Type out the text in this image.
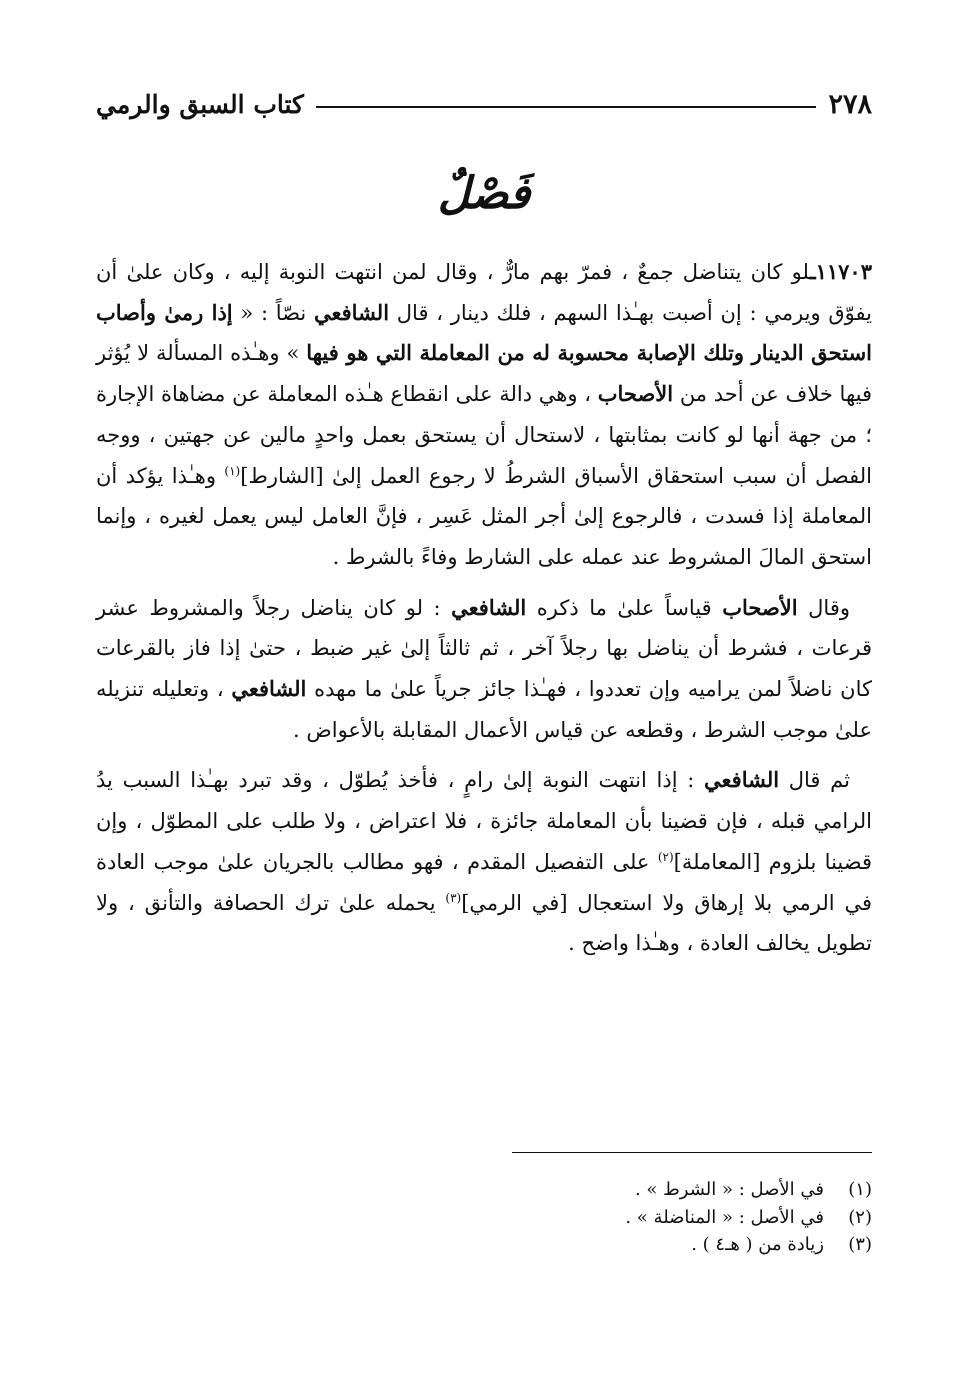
٢٧٨
كتاب السبق والرمي
فَصْلٌ

١١٧٠٣ـلو كان يتناضل جمعٌ ، فمرّ بهم مارٌّ ، وقال لمن انتهت النوبة إليه ، وكان علىٰ أن يفوّق ويرمي : إن أصبت بهـٰذا السهم ، فلك دينار ، قال الشافعي نصّاً : « إذا رمىٰ وأصاب استحق الدينار وتلك الإصابة محسوبة له من المعاملة التي هو فيها » وهـٰذه المسألة لا يُؤثر فيها خلاف عن أحد من الأصحاب ، وهي دالة على انقطاع هـٰذه المعاملة عن مضاهاة الإجارة ؛ من جهة أنها لو كانت بمثابتها ، لاستحال أن يستحق بعمل واحدٍ مالين عن جهتين ، ووجه الفصل أن سبب استحقاق الأسباق الشرطُ لا رجوع العمل إلىٰ [الشارط]$^{(١)}$ وهـٰذا يؤكد أن المعاملة إذا فسدت ، فالرجوع إلىٰ أجر المثل عَسِر ، فإنَّ العامل ليس يعمل لغيره ، وإنما استحق المالَ المشروط عند عمله على الشارط وفاءً بالشرط .

وقال الأصحاب قياساً علىٰ ما ذكره الشافعي : لو كان يناضل رجلاً والمشروط عشر قرعات ، فشرط أن يناضل بها رجلاً آخر ، ثم ثالثاً إلىٰ غير ضبط ، حتىٰ إذا فاز بالقرعات كان ناضلاً لمن يراميه وإن تعددوا ، فهـٰذا جائز جرياً علىٰ ما مهده الشافعي ، وتعليله تنزيله علىٰ موجب الشرط ، وقطعه عن قياس الأعمال المقابلة بالأعواض .

ثم قال الشافعي : إذا انتهت النوبة إلىٰ رامٍ ، فأخذ يُطوّل ، وقد تبرد بهـٰذا السبب يدُ الرامي قبله ، فإن قضينا بأن المعاملة جائزة ، فلا اعتراض ، ولا طلب على المطوّل ، وإن قضينا بلزوم [المعاملة]$^{(٢)}$ على التفصيل المقدم ، فهو مطالب بالجريان علىٰ موجب العادة في الرمي بلا إرهاق ولا استعجال [في الرمي]$^{(٣)}$ يحمله علىٰ ترك الحصافة والتأنق ، ولا تطويل يخالف العادة ، وهـٰذا واضح .

(١)
في الأصل : « الشرط » .
(٢)
في الأصل : « المناضلة » .
(٣)
زيادة من ( هـ٤ ) .
